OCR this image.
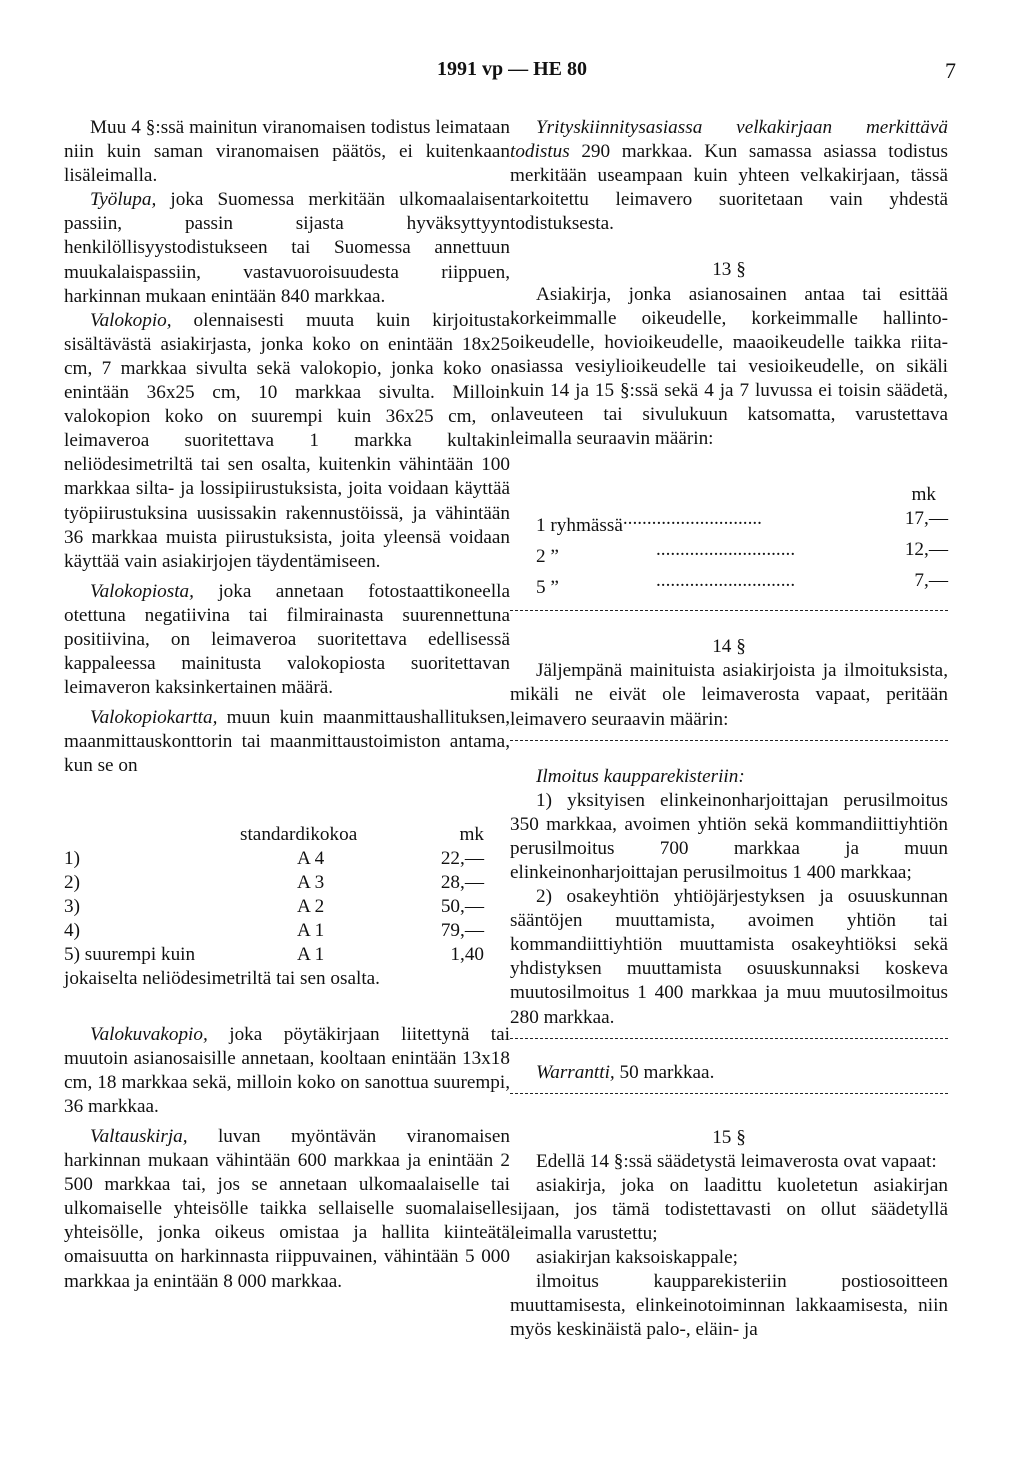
1991 vp — HE 80	7

Muu 4 §:ssä mainitun viranomaisen todistus leimataan niin kuin saman viranomaisen päätös, ei kuitenkaan lisäleimalla.

Työlupa, joka Suomessa merkitään ulkomaalaisen passiin, passin sijasta hyväksyttyyn henkilöllisyystodistukseen tai Suomessa annettuun muukalaispassiin, vastavuoroisuudesta riippuen, harkinnan mukaan enintään 840 markkaa.

Valokopio, olennaisesti muuta kuin kirjoitusta sisältävästä asiakirjasta, jonka koko on enintään 18x25 cm, 7 markkaa sivulta sekä valokopio, jonka koko on enintään 36x25 cm, 10 markkaa sivulta. Milloin valokopion koko on suurempi kuin 36x25 cm, on leimaveroa suoritettava 1 markka kultakin neliödesimetriltä tai sen osalta, kuitenkin vähintään 100 markkaa silta- ja lossipiirustuksista, joita voidaan käyttää työpiirustuksina uusissakin rakennustöissä, ja vähintään 36 markkaa muista piirustuksista, joita yleensä voidaan käyttää vain asiakirjojen täydentämiseen.

Valokopiosta, joka annetaan fotostaattikoneella otettuna negatiivina tai filmirainasta suurennettuna positiivina, on leimaveroa suoritettava edellisessä kappaleessa mainitusta valokopiosta suoritettavan leimaveron kaksinkertainen määrä.

Valokopiokartta, muun kuin maanmittaushallituksen, maanmittauskonttorin tai maanmittaustoimiston antama, kun se on

	standardikokoa	mk
1)	A 4	22,—
2)	A 3	28,—
3)	A 2	50,—
4)	A 1	79,—
5) suurempi kuin	A 1	1,40

jokaiselta neliödesimetriltä tai sen osalta.

Valokuvakopio, joka pöytäkirjaan liitettynä tai muutoin asianosaisille annetaan, kooltaan enintään 13x18 cm, 18 markkaa sekä, milloin koko on sanottua suurempi, 36 markkaa.

Valtauskirja, luvan myöntävän viranomaisen harkinnan mukaan vähintään 600 markkaa ja enintään 2 500 markkaa tai, jos se annetaan ulkomaalaiselle tai ulkomaiselle yhteisölle taikka sellaiselle suomalaiselle yhteisölle, jonka oikeus omistaa ja hallita kiinteätä omaisuutta on harkinnasta riippuvainen, vähintään 5 000 markkaa ja enintään 8 000 markkaa.

Yrityskiinnitysasiassa velkakirjaan merkittävä todistus 290 markkaa. Kun samassa asiassa todistus merkitään useampaan kuin yhteen velkakirjaan, tässä tarkoitettu leimavero suoritetaan vain yhdestä todistuksesta.

13 §

Asiakirja, jonka asianosainen antaa tai esittää korkeimmalle oikeudelle, korkeimmalle hallinto-oikeudelle, hovioikeudelle, maaoikeudelle taikka riita-asiassa vesiylioikeudelle tai vesioikeudelle, on sikäli kuin 14 ja 15 §:ssä sekä 4 ja 7 luvussa ei toisin säädetä, laveuteen tai sivulukuun katsomatta, varustettava leimalla seuraavin määrin:

	mk
1 ryhmässä.............................	17,—
2 ” .............................	12,—
5 ” .............................	7,—

14 §

Jäljempänä mainituista asiakirjoista ja ilmoituksista, mikäli ne eivät ole leimaverosta vapaat, peritään leimavero seuraavin määrin:

Ilmoitus kaupparekisteriin:

1) yksityisen elinkeinonharjoittajan perusilmoitus 350 markkaa, avoimen yhtiön sekä kommandiittiyhtiön perusilmoitus 700 markkaa ja muun elinkeinonharjoittajan perusilmoitus 1 400 markkaa;

2) osakeyhtiön yhtiöjärjestyksen ja osuuskunnan sääntöjen muuttamista, avoimen yhtiön tai kommandiittiyhtiön muuttamista osakeyhtiöksi sekä yhdistyksen muuttamista osuuskunnaksi koskeva muutosilmoitus 1 400 markkaa ja muu muutosilmoitus 280 markkaa.

Warrantti, 50 markkaa.

15 §

Edellä 14 §:ssä säädetystä leimaverosta ovat vapaat:

asiakirja, joka on laadittu kuoletetun asiakirjan sijaan, jos tämä todistettavasti on ollut säädetyllä leimalla varustettu;

asiakirjan kaksoiskappale;

ilmoitus kaupparekisteriin postiosoitteen muuttamisesta, elinkeinotoiminnan lakkaamisesta, niin myös keskinäistä palo-, eläin- ja
